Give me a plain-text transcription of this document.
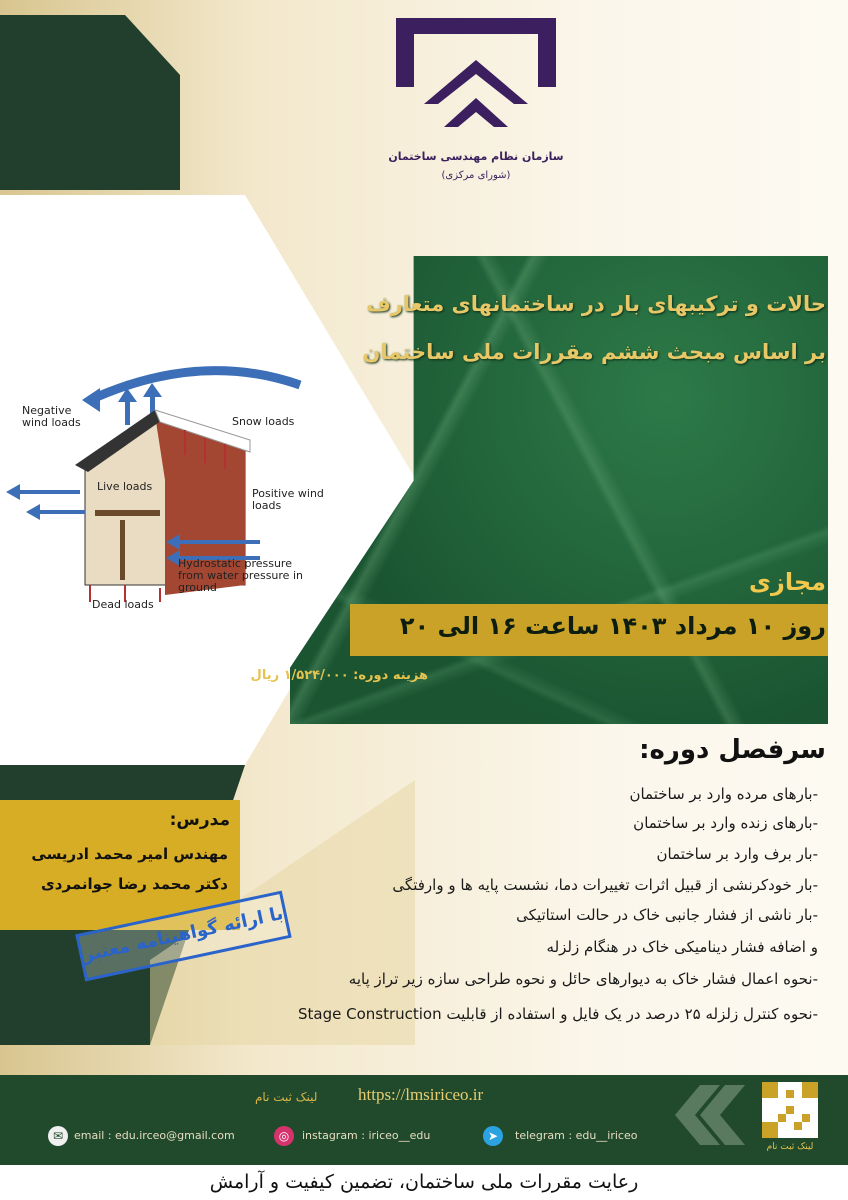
سازمان نظام مهندسی ساختمان
(شورای مرکزی)
حالات و ترکیبهای بار در ساختمانهای متعارف
بر اساس مبحث ششم مقررات ملی ساختمان
مجازی
روز ۱۰ مرداد ۱۴۰۳ ساعت ۱۶ الی ۲۰
هزینه دوره: ۱/۵۲۴/۰۰۰ ریال
Negative wind loads	Snow loads
Live loads
Positive wind loads
Hydrostatic pressure from water pressure in ground
Dead loads
سرفصل دوره:
-بارهای مرده وارد بر ساختمان
-بارهای زنده وارد بر ساختمان
-بار برف وارد بر ساختمان
-بار خودکرنشی از قبیل اثرات تغییرات دما، نشست پایه ها و وارفتگی
-بار ناشی از فشار جانبی خاک در حالت استاتیکی
و اضافه فشار دینامیکی خاک در هنگام زلزله
-نحوه اعمال فشار خاک به دیوارهای حائل و نحوه طراحی سازه زیر تراز پایه
-نحوه کنترل زلزله ۲۵ درصد در یک فایل و استفاده از قابلیت Stage Construction
مدرس:
مهندس امیر محمد ادریسی
دکتر محمد رضا جوانمردی
با ارائه گواهینامه معتبر
لینک ثبت نام
لینک ثبت نام https://lmsiriceo.ir
✉ email : edu.irceo@gmail.com	◎	instagram : iriceo__edu	➤	telegram : edu__iriceo
رعایت مقررات ملی ساختمان، تضمین کیفیت و آرامش
